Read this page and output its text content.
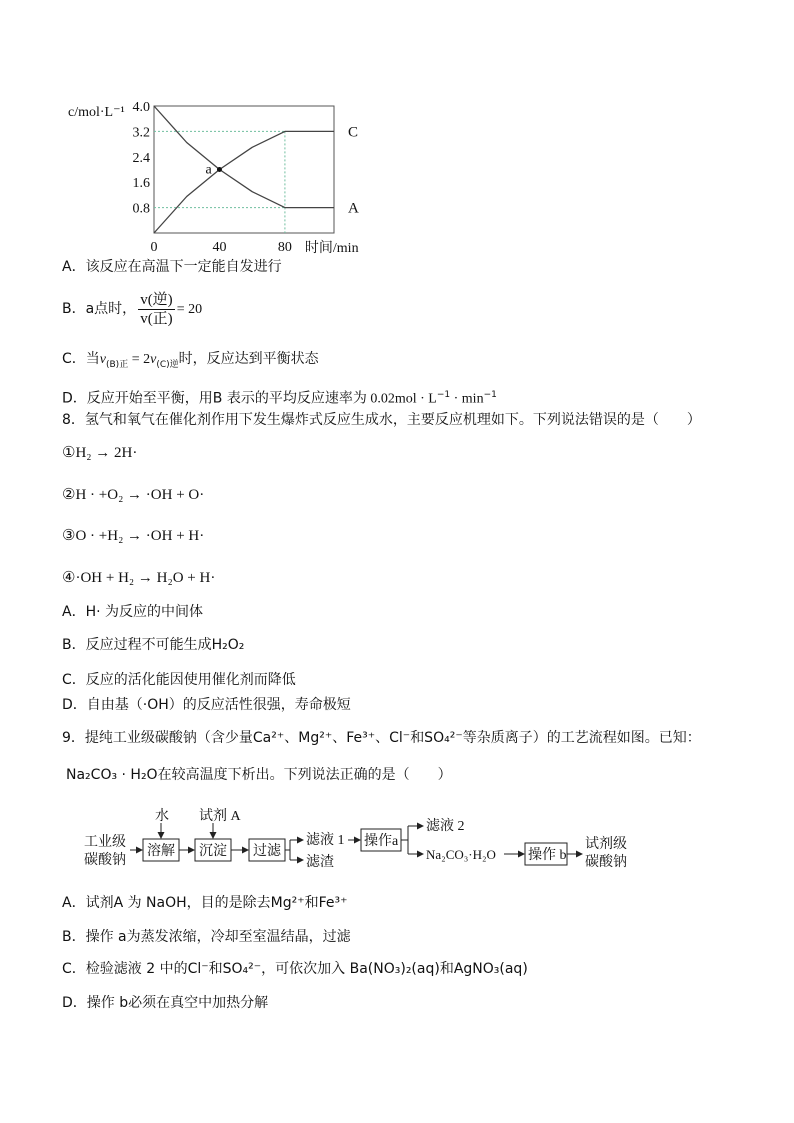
4.0
3.2
2.4
1.6
0.8
0	40	80
c/mol·L⁻¹
时间/min
C
A
a
A．该反应在高温下一定能自发进行
B．a点时， $\frac{\text{v(逆)}}{\text{v(正)}} = 20$
C．当$v_{(B)正} = 2v_{(C)逆}$时，反应达到平衡状态
D．反应开始至平衡，用B 表示的平均反应速率为 $0.02mol \cdot L^{-1} \cdot \min^{-1}$
8．氢气和氧气在催化剂作用下发生爆炸式反应生成水，主要反应机理如下。下列说法错误的是（　　）
①H₂ → 2H·
②H · +O₂ → ·OH + O·
③O · +H₂ → ·OH + H·
④·OH + H₂ → H₂O + H·
A．H· 为反应的中间体
B．反应过程不可能生成H₂O₂
C．反应的活化能因使用催化剂而降低
D．自由基（·OH）的反应活性很强，寿命极短
9．提纯工业级碳酸钠（含少量Ca²⁺、Mg²⁺、Fe³⁺、Cl⁻和SO₄²⁻等杂质离子）的工艺流程如图。已知：
Na₂CO₃ · H₂O在较高温度下析出。下列说法正确的是（　　）
工业级
碳酸钠
溶解
水
沉淀
试剂 A
过滤
滤液 1
滤渣
操作a
滤液 2
Na₂CO₃·H₂O 操作 b
试剂级
碳酸钠
A．试剂A 为 NaOH，目的是除去Mg²⁺和Fe³⁺
B．操作 a为蒸发浓缩，冷却至室温结晶，过滤
C．检验滤液 2 中的Cl⁻和SO₄²⁻，可依次加入 Ba(NO₃)₂(aq)和AgNO₃(aq)
D．操作 b必须在真空中加热分解
